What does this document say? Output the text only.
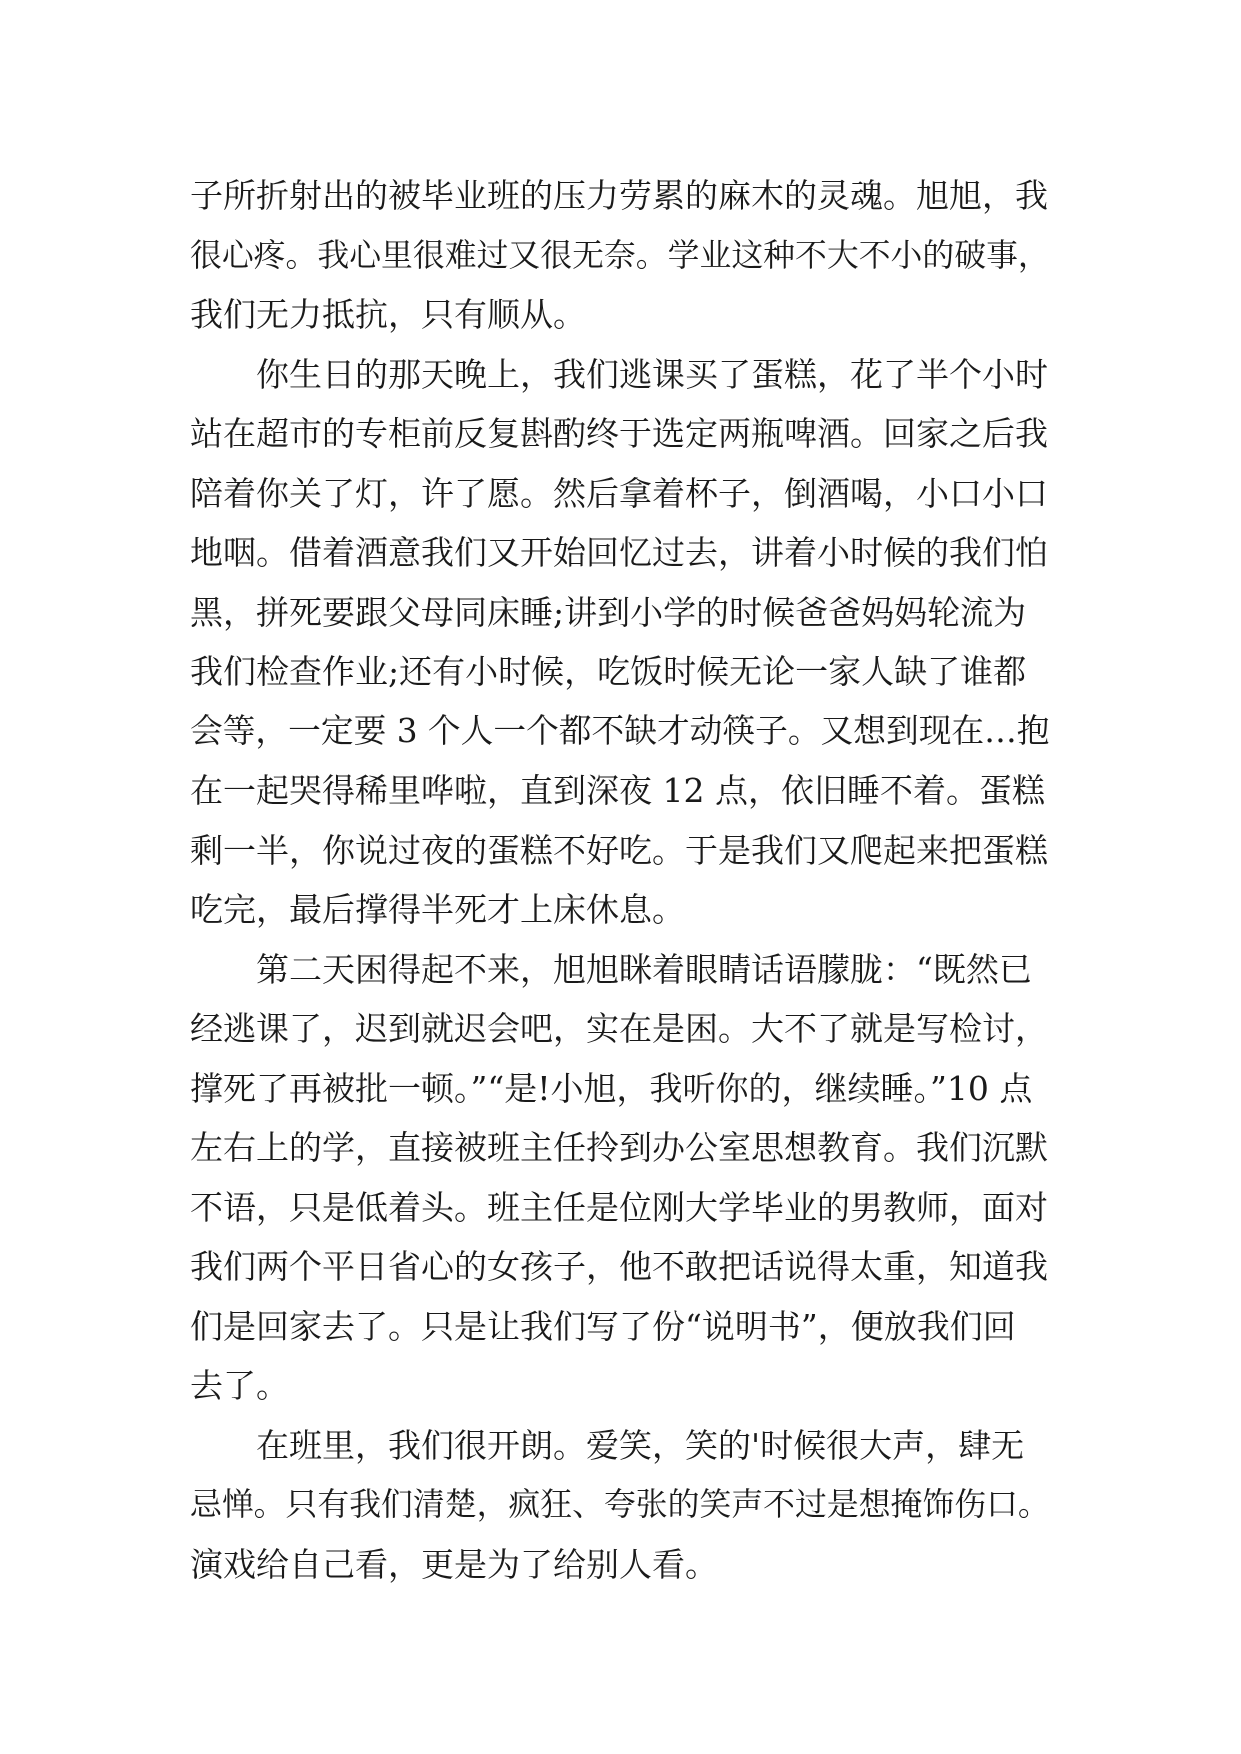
子所折射出的被毕业班的压力劳累的麻木的灵魂。旭旭，我
很心疼。我心里很难过又很无奈。学业这种不大不小的破事，
我们无力抵抗，只有顺从。
你生日的那天晚上，我们逃课买了蛋糕，花了半个小时
站在超市的专柜前反复斟酌终于选定两瓶啤酒。回家之后我
陪着你关了灯，许了愿。然后拿着杯子，倒酒喝，小口小口
地咽。借着酒意我们又开始回忆过去，讲着小时候的我们怕
黑，拼死要跟父母同床睡;讲到小学的时候爸爸妈妈轮流为
我们检查作业;还有小时候，吃饭时候无论一家人缺了谁都
会等，一定要 3 个人一个都不缺才动筷子。又想到现在…抱
在一起哭得稀里哗啦，直到深夜 12 点，依旧睡不着。蛋糕
剩一半，你说过夜的蛋糕不好吃。于是我们又爬起来把蛋糕
吃完，最后撑得半死才上床休息。
第二天困得起不来，旭旭眯着眼睛话语朦胧：“既然已
经逃课了，迟到就迟会吧，实在是困。大不了就是写检讨，
撑死了再被批一顿。”“是!小旭，我听你的，继续睡。”10 点
左右上的学，直接被班主任拎到办公室思想教育。我们沉默
不语，只是低着头。班主任是位刚大学毕业的男教师，面对
我们两个平日省心的女孩子，他不敢把话说得太重，知道我
们是回家去了。只是让我们写了份“说明书”，便放我们回
去了。
在班里，我们很开朗。爱笑，笑的'时候很大声，肆无
忌惮。只有我们清楚，疯狂、夸张的笑声不过是想掩饰伤口。
演戏给自己看，更是为了给别人看。
